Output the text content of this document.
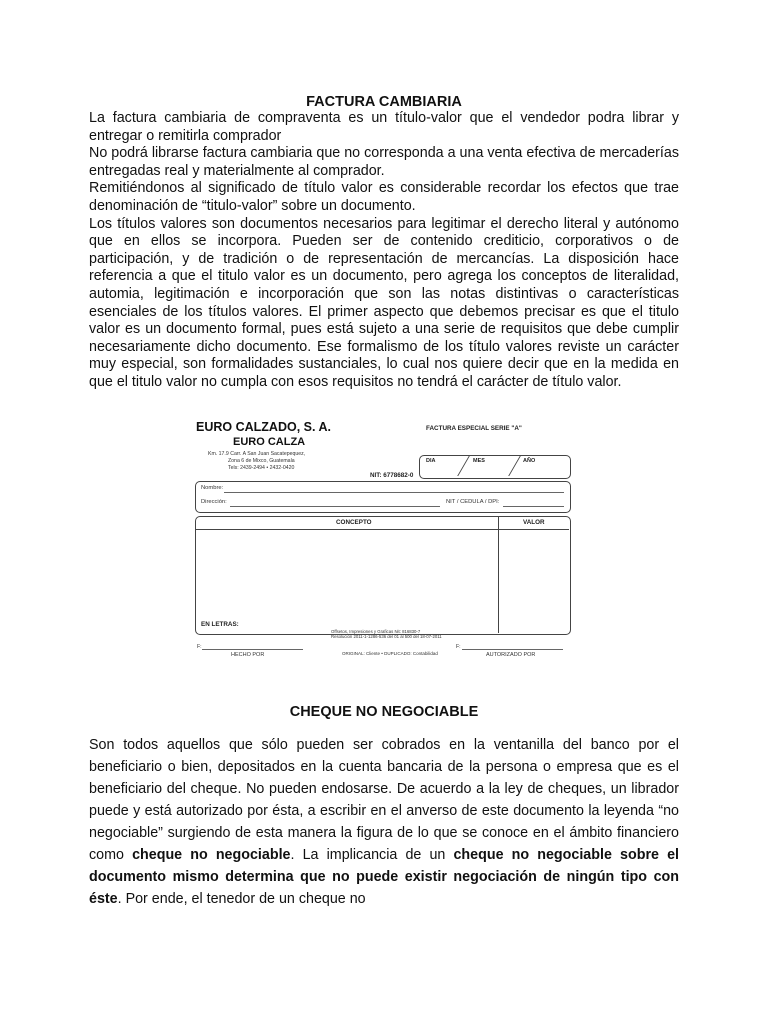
FACTURA CAMBIARIA

La factura cambiaria de compraventa es un título-valor que el vendedor podra librar y entregar o remitirla comprador

No podrá librarse factura cambiaria que no corresponda a una venta efectiva de mercaderías entregadas real y materialmente al comprador.

Remitiéndonos al significado de título valor es considerable recordar los efectos que trae denominación de “titulo-valor” sobre un documento.

Los títulos valores son documentos necesarios para legitimar el derecho literal y autónomo que en ellos se incorpora. Pueden ser de contenido crediticio, corporativos o de participación, y de tradición o de representación de mercancías. La disposición hace referencia a que el titulo valor es un documento, pero agrega los conceptos de literalidad, automia, legitimación e incorporación que son las notas distintivas o características esenciales de los títulos valores. El primer aspecto que debemos precisar es que el titulo valor es un documento formal, pues está sujeto a una serie de requisitos que debe cumplir necesariamente dicho documento. Ese formalismo de los título valores reviste un carácter muy especial, son formalidades sustanciales, lo cual nos quiere decir que en la medida en que el titulo valor no cumpla con esos requisitos no tendrá el carácter de título valor.

EURO CALZADO, S. A.
EURO CALZA
Km. 17.9 Carr. A San Juan Sacatepequez,
Zona 6 de Mixco, Guatemala
Tels: 2439-2494 • 2432-0420
NIT: 6778682-0
FACTURA ESPECIAL SERIE "A"
DIA	MES	AÑO
Nombre:
Dirección:	NIT / CEDULA / DPI:
CONCEPTO	VALOR
EN LETRAS:
Offsetos, Impresiones y Graficas Nit: 816830-7
Resolución 2011-1-1286-536 del 01 al 500 del 18-07-2011
F:
HECHO POR	ORIGINAL: Cliente • DUPLICADO: Contabilidad
F:
AUTORIZADO POR
CHEQUE NO NEGOCIABLE

Son todos aquellos que sólo pueden ser cobrados en la ventanilla del banco por el beneficiario o bien, depositados en la cuenta bancaria de la persona o empresa que es el beneficiario del cheque. No pueden endosarse. De acuerdo a la ley de cheques, un librador puede y está autorizado por ésta, a escribir en el anverso de este documento la leyenda “no negociable” surgiendo de esta manera la figura de lo que se conoce en el ámbito financiero como cheque no negociable. La implicancia de un cheque no negociable sobre el documento mismo determina que no puede existir negociación de ningún tipo con éste. Por ende, el tenedor de un cheque no
